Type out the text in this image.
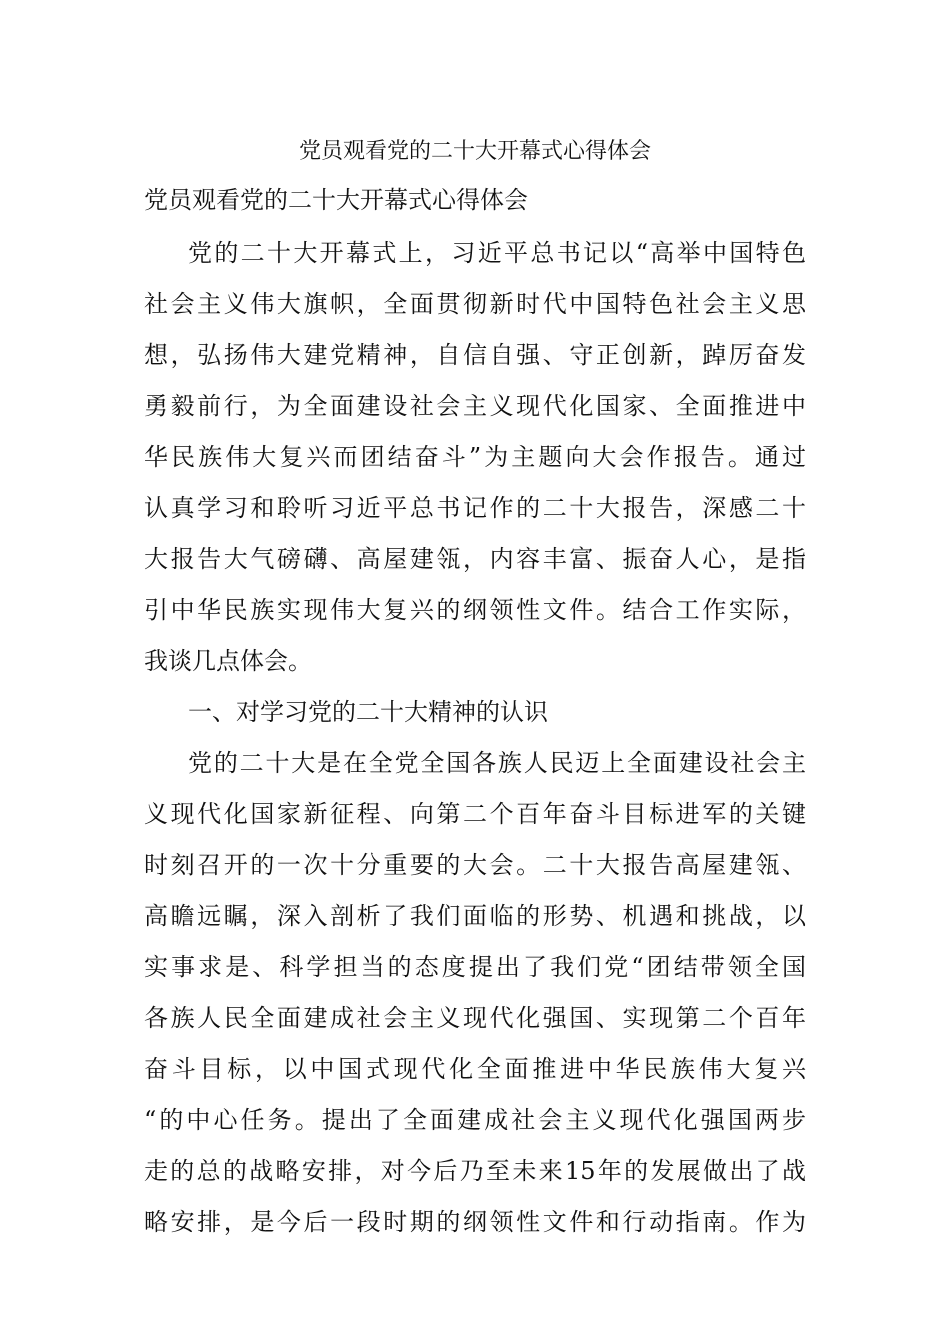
党员观看党的二十大开幕式心得体会
党员观看党的二十大开幕式心得体会
党的二十大开幕式上，习近平总书记以“高举中国特色
社会主义伟大旗帜，全面贯彻新时代中国特色社会主义思
想，弘扬伟大建党精神，自信自强、守正创新，踔厉奋发
勇毅前行，为全面建设社会主义现代化国家、全面推进中
华民族伟大复兴而团结奋斗”为主题向大会作报告。通过
认真学习和聆听习近平总书记作的二十大报告，深感二十
大报告大气磅礴、高屋建瓴，内容丰富、振奋人心，是指
引中华民族实现伟大复兴的纲领性文件。结合工作实际，
我谈几点体会。
一、对学习党的二十大精神的认识
党的二十大是在全党全国各族人民迈上全面建设社会主
义现代化国家新征程、向第二个百年奋斗目标进军的关键
时刻召开的一次十分重要的大会。二十大报告高屋建瓴、
高瞻远瞩，深入剖析了我们面临的形势、机遇和挑战，以
实事求是、科学担当的态度提出了我们党“团结带领全国
各族人民全面建成社会主义现代化强国、实现第二个百年
奋斗目标，以中国式现代化全面推进中华民族伟大复兴
“的中心任务。提出了全面建成社会主义现代化强国两步
走的总的战略安排，对今后乃至未来15年的发展做出了战
略安排，是今后一段时期的纲领性文件和行动指南。作为
